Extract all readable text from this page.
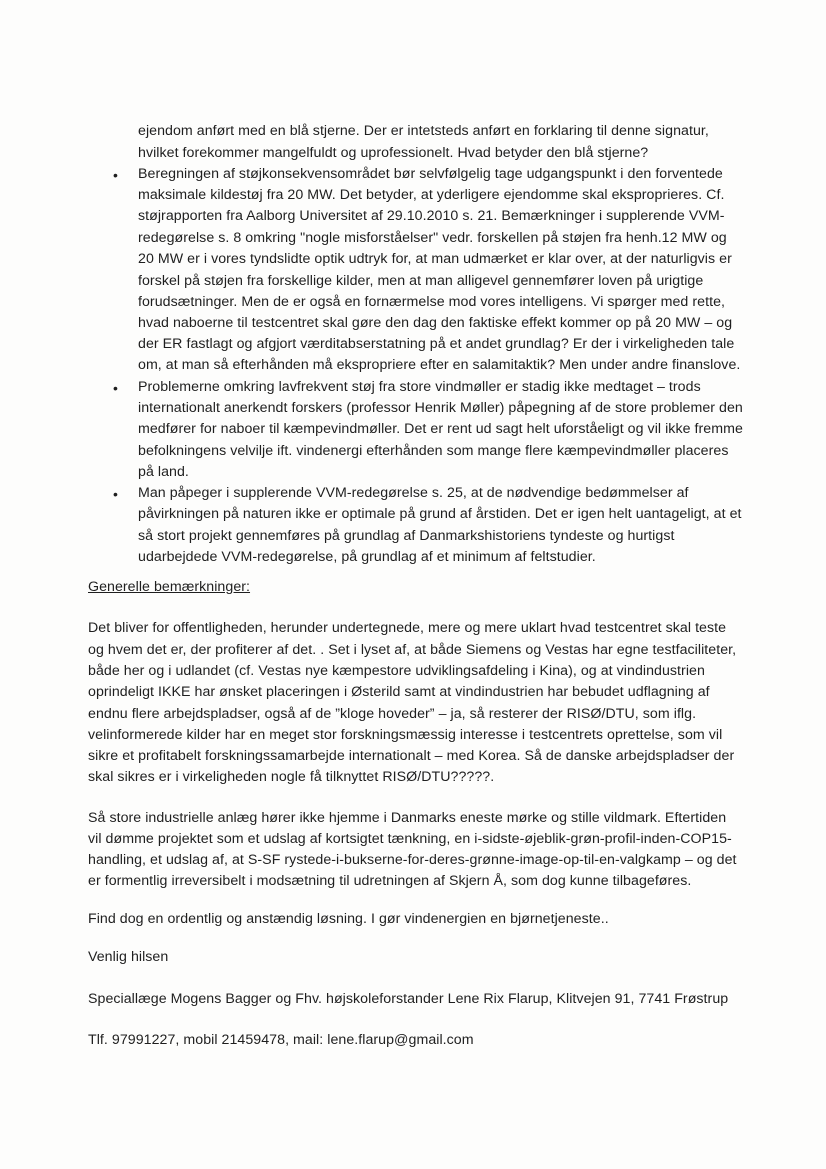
ejendom anført med en blå stjerne. Der er intetsteds anført en forklaring til denne signatur,
hvilket forekommer mangelfuldt og uprofessionelt. Hvad betyder den blå stjerne?
• Beregningen af støjkonsekvensområdet bør selvfølgelig tage udgangspunkt i den forventede
maksimale kildestøj fra 20 MW. Det betyder, at yderligere ejendomme skal eksproprieres. Cf.
støjrapporten fra Aalborg Universitet af 29.10.2010 s. 21. Bemærkninger i supplerende VVM-
redegørelse s. 8 omkring "nogle misforståelser" vedr. forskellen på støjen fra henh.12 MW og
20 MW er i vores tyndslidte optik udtryk for, at man udmærket er klar over, at der naturligvis er
forskel på støjen fra forskellige kilder, men at man alligevel gennemfører loven på urigtige
forudsætninger. Men de er også en fornærmelse mod vores intelligens. Vi spørger med rette,
hvad naboerne til testcentret skal gøre den dag den faktiske effekt kommer op på 20 MW – og
der ER fastlagt og afgjort værditabserstatning på et andet grundlag? Er der i virkeligheden tale
om, at man så efterhånden må ekspropriere efter en salamitaktik? Men under andre finanslove.
• Problemerne omkring lavfrekvent støj fra store vindmøller er stadig ikke medtaget – trods
internationalt anerkendt forskers (professor Henrik Møller) påpegning af de store problemer den
medfører for naboer til kæmpevindmøller. Det er rent ud sagt helt uforståeligt og vil ikke fremme
befolkningens velvilje ift. vindenergi efterhånden som mange flere kæmpevindmøller placeres
på land.
• Man påpeger i supplerende VVM-redegørelse s. 25, at de nødvendige bedømmelser af
påvirkningen på naturen ikke er optimale på grund af årstiden. Det er igen helt uantageligt, at et
så stort projekt gennemføres på grundlag af Danmarkshistoriens tyndeste og hurtigst
udarbejdede VVM-redegørelse, på grundlag af et minimum af feltstudier.
Generelle bemærkninger:
Det bliver for offentligheden, herunder undertegnede, mere og mere uklart hvad testcentret skal teste
og hvem det er, der profiterer af det. . Set i lyset af, at både Siemens og Vestas har egne testfaciliteter,
både her og i udlandet (cf. Vestas nye kæmpestore udviklingsafdeling i Kina), og at vindindustrien
oprindeligt IKKE har ønsket placeringen i Østerild samt at vindindustrien har bebudet udflagning af
endnu flere arbejdspladser, også af de ”kloge hoveder” – ja, så resterer der RISØ/DTU, som iflg.
velinformerede kilder har en meget stor forskningsmæssig interesse i testcentrets oprettelse, som vil
sikre et profitabelt forskningssamarbejde internationalt – med Korea. Så de danske arbejdspladser der
skal sikres er i virkeligheden nogle få tilknyttet RISØ/DTU?????.
Så store industrielle anlæg hører ikke hjemme i Danmarks eneste mørke og stille vildmark. Eftertiden
vil dømme projektet som et udslag af kortsigtet tænkning, en i-sidste-øjeblik-grøn-profil-inden-COP15-
handling, et udslag af, at S-SF rystede-i-bukserne-for-deres-grønne-image-op-til-en-valgkamp – og det
er formentlig irreversibelt i modsætning til udretningen af Skjern Å, som dog kunne tilbageføres.
Find dog en ordentlig og anstændig løsning. I gør vindenergien en bjørnetjeneste..
Venlig hilsen
Speciallæge Mogens Bagger og Fhv. højskoleforstander Lene Rix Flarup, Klitvejen 91, 7741 Frøstrup
Tlf. 97991227, mobil 21459478, mail: lene.flarup@gmail.com
